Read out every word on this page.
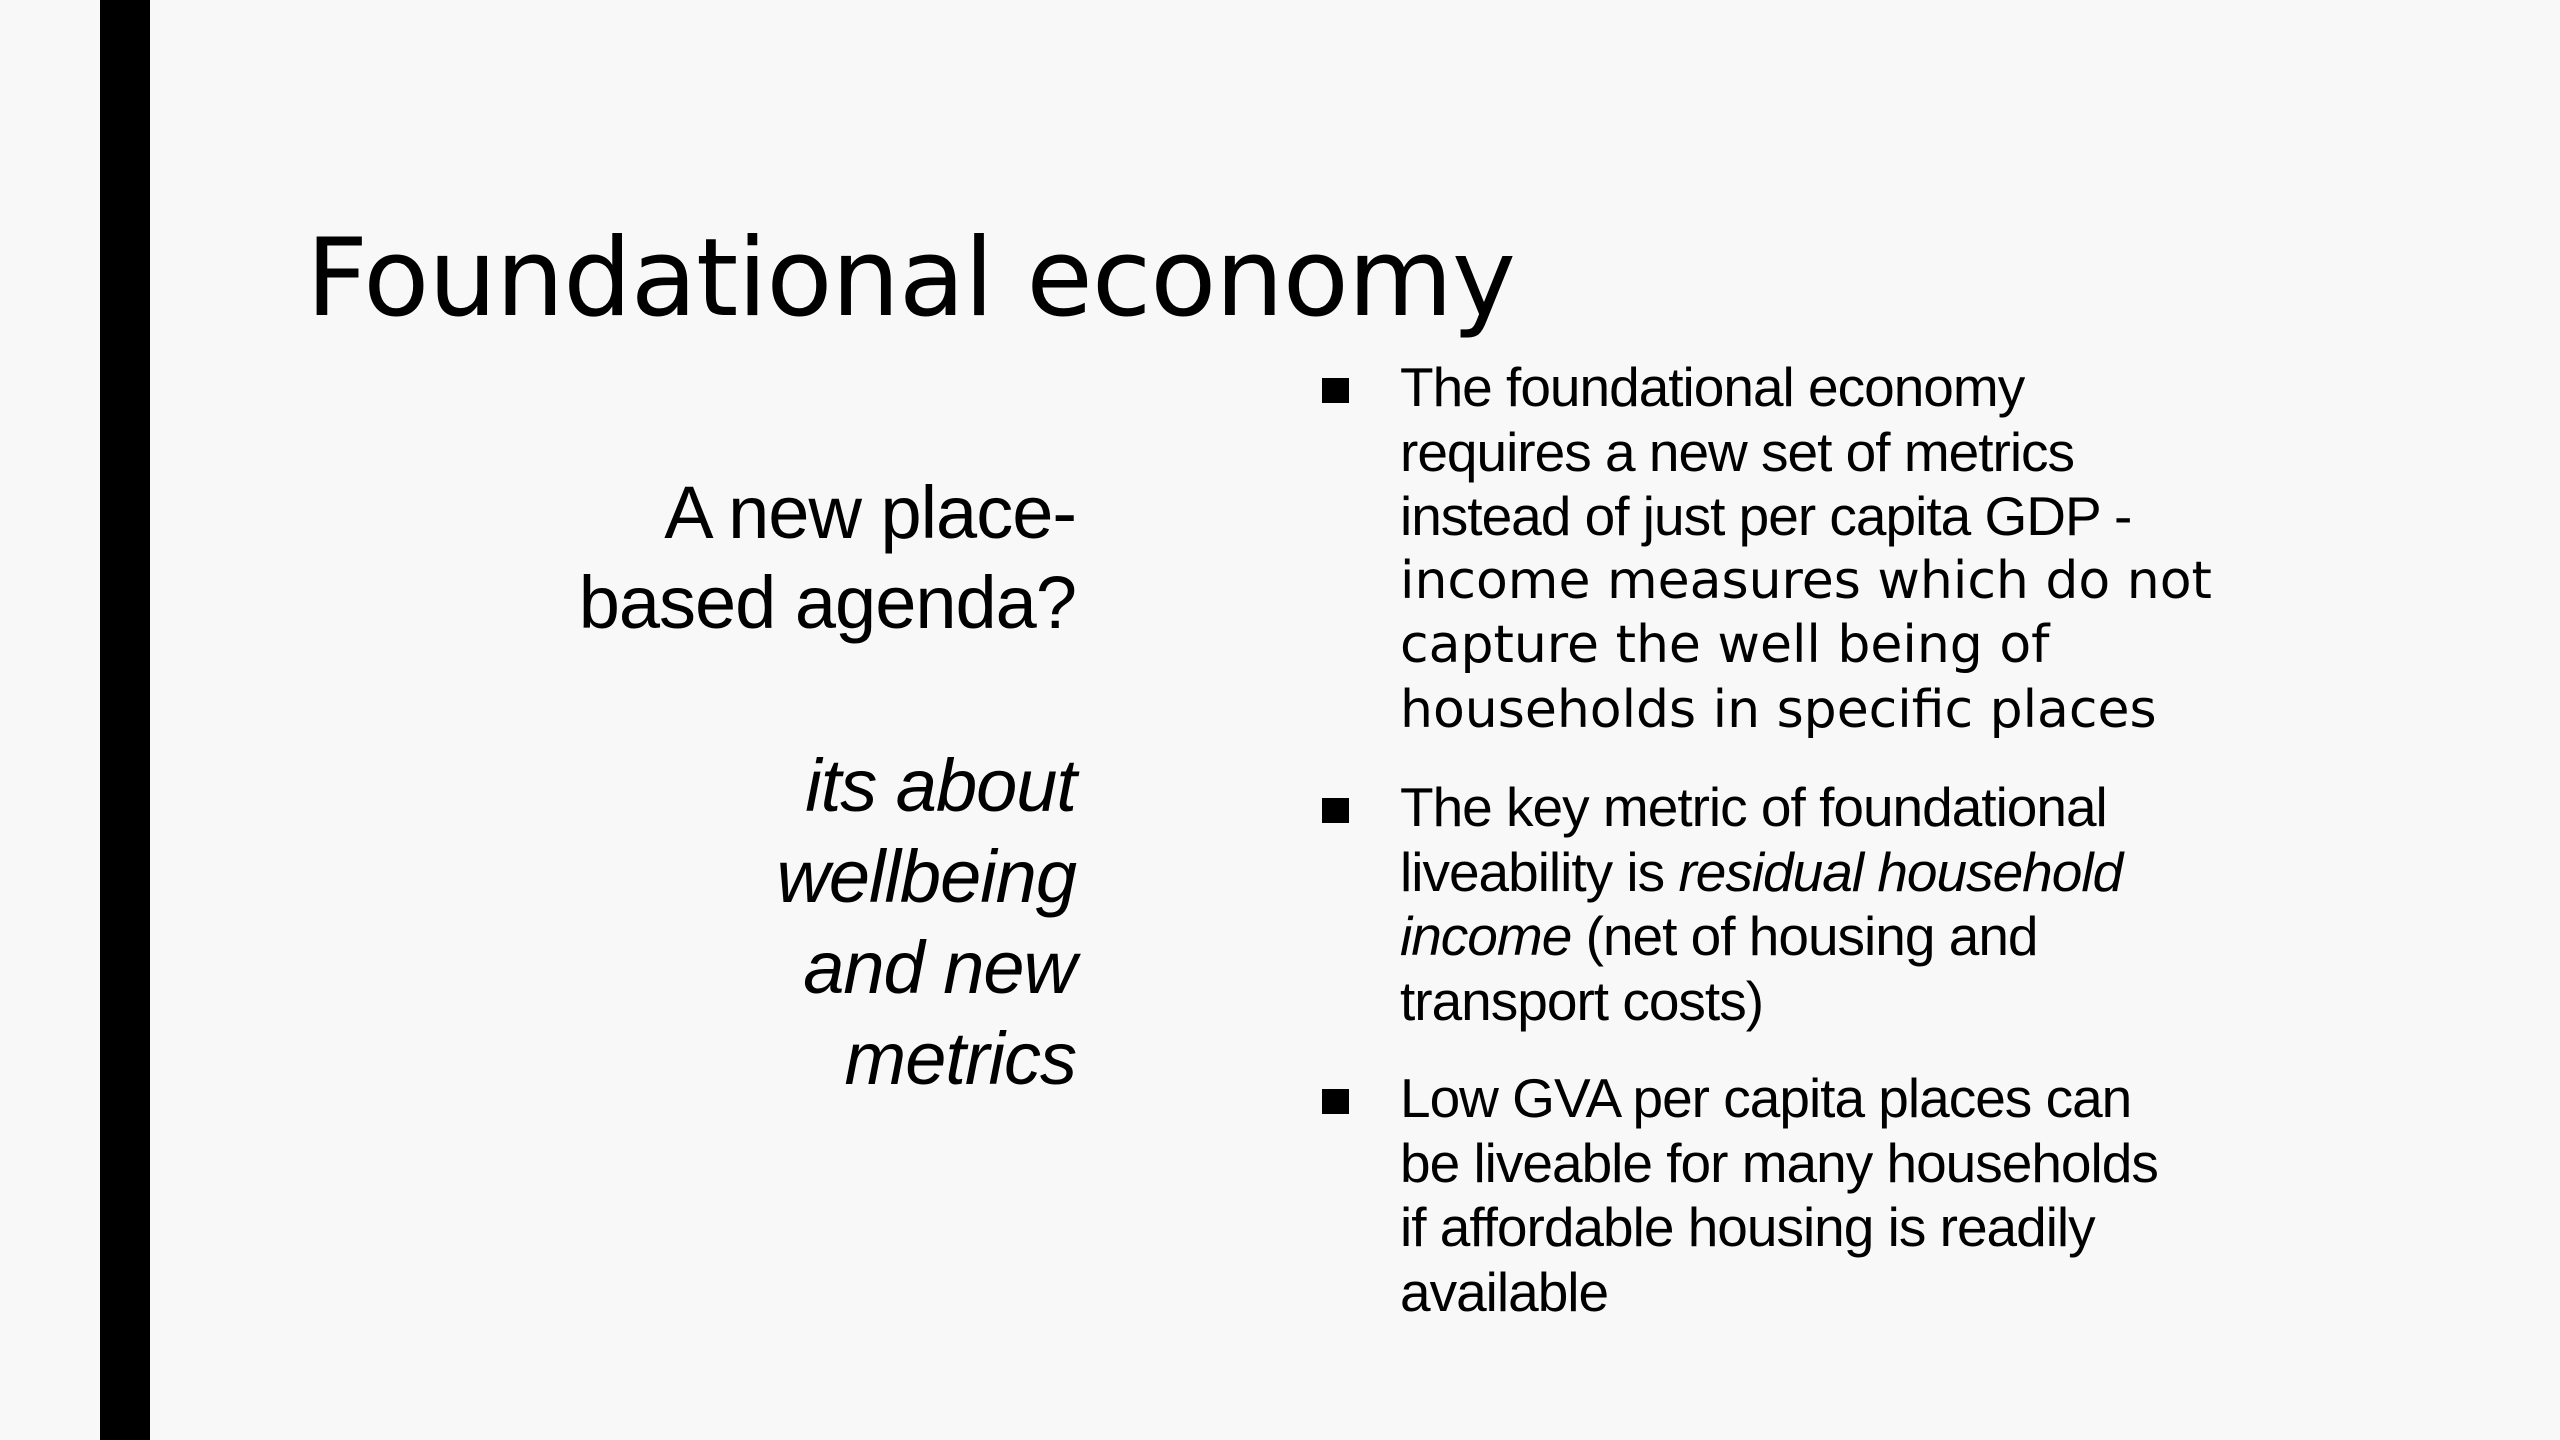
Foundational economy

A new place-
based agenda?

its about
wellbeing
and new
metrics
The foundational economy
requires a new set of metrics
instead of just per capita GDP -
income measures which do not
capture the well being of
households in specific places
The key metric of foundational
liveability is residual household
income (net of housing and
transport costs)
Low GVA per capita places can
be liveable for many households
if affordable housing is readily
available
